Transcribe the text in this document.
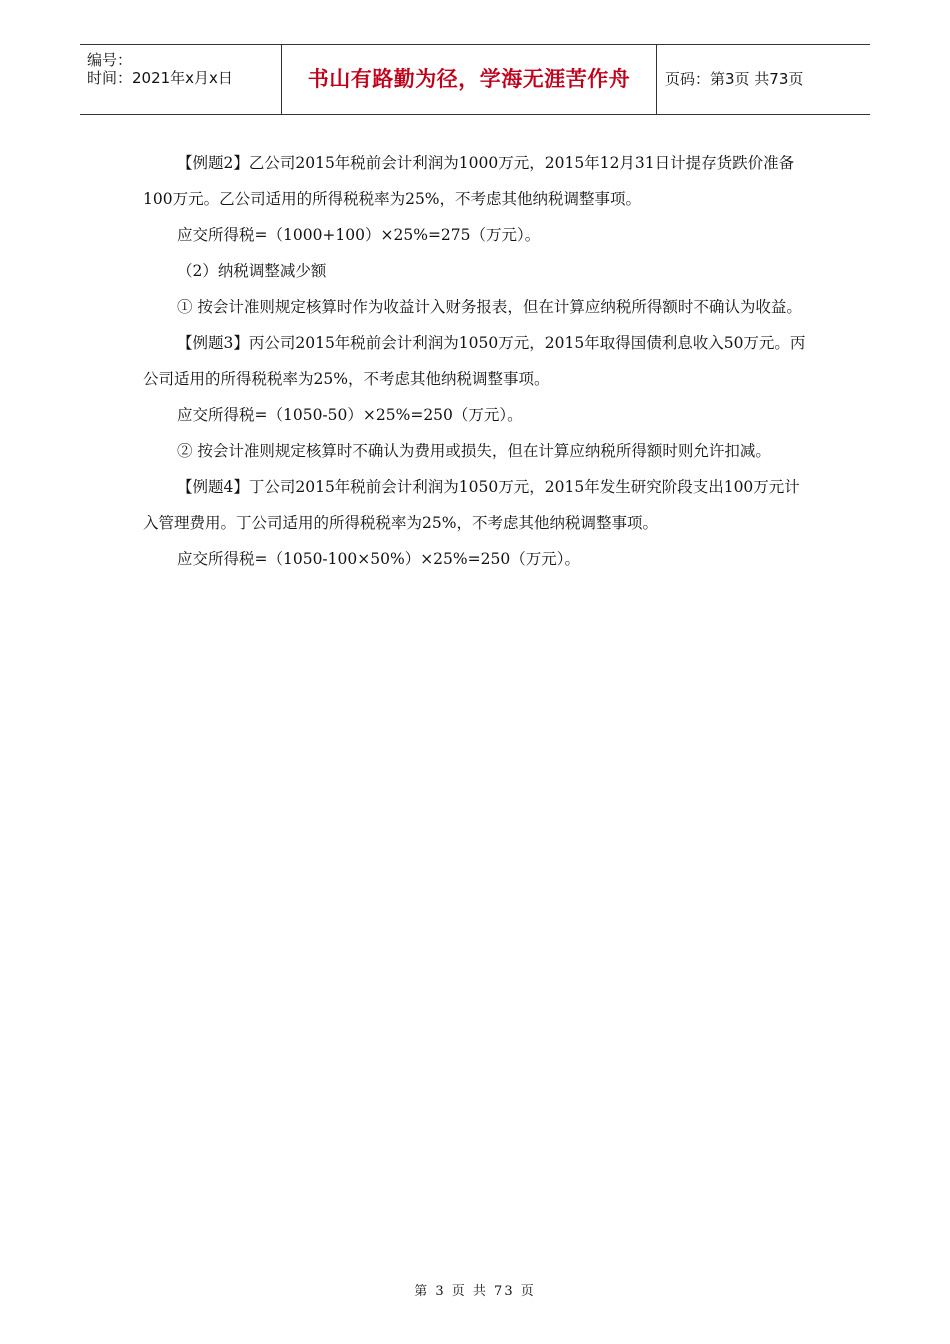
编号：
时间：2021年x月x日	书山有路勤为径，学海无涯苦作舟	页码：第3页 共73页

【例题2】乙公司2015年税前会计利润为1000万元，2015年12月31日计提存货跌价准备100万元。乙公司适用的所得税税率为25%，不考虑其他纳税调整事项。

应交所得税=（1000+100）×25%=275（万元）。

（2）纳税调整减少额

① 按会计准则规定核算时作为收益计入财务报表，但在计算应纳税所得额时不确认为收益。

【例题3】丙公司2015年税前会计利润为1050万元，2015年取得国债利息收入50万元。丙公司适用的所得税税率为25%，不考虑其他纳税调整事项。

应交所得税=（1050-50）×25%=250（万元）。

② 按会计准则规定核算时不确认为费用或损失，但在计算应纳税所得额时则允许扣减。

【例题4】丁公司2015年税前会计利润为1050万元，2015年发生研究阶段支出100万元计入管理费用。丁公司适用的所得税税率为25%，不考虑其他纳税调整事项。

应交所得税=（1050-100×50%）×25%=250（万元）。

第 3 页 共 73 页
